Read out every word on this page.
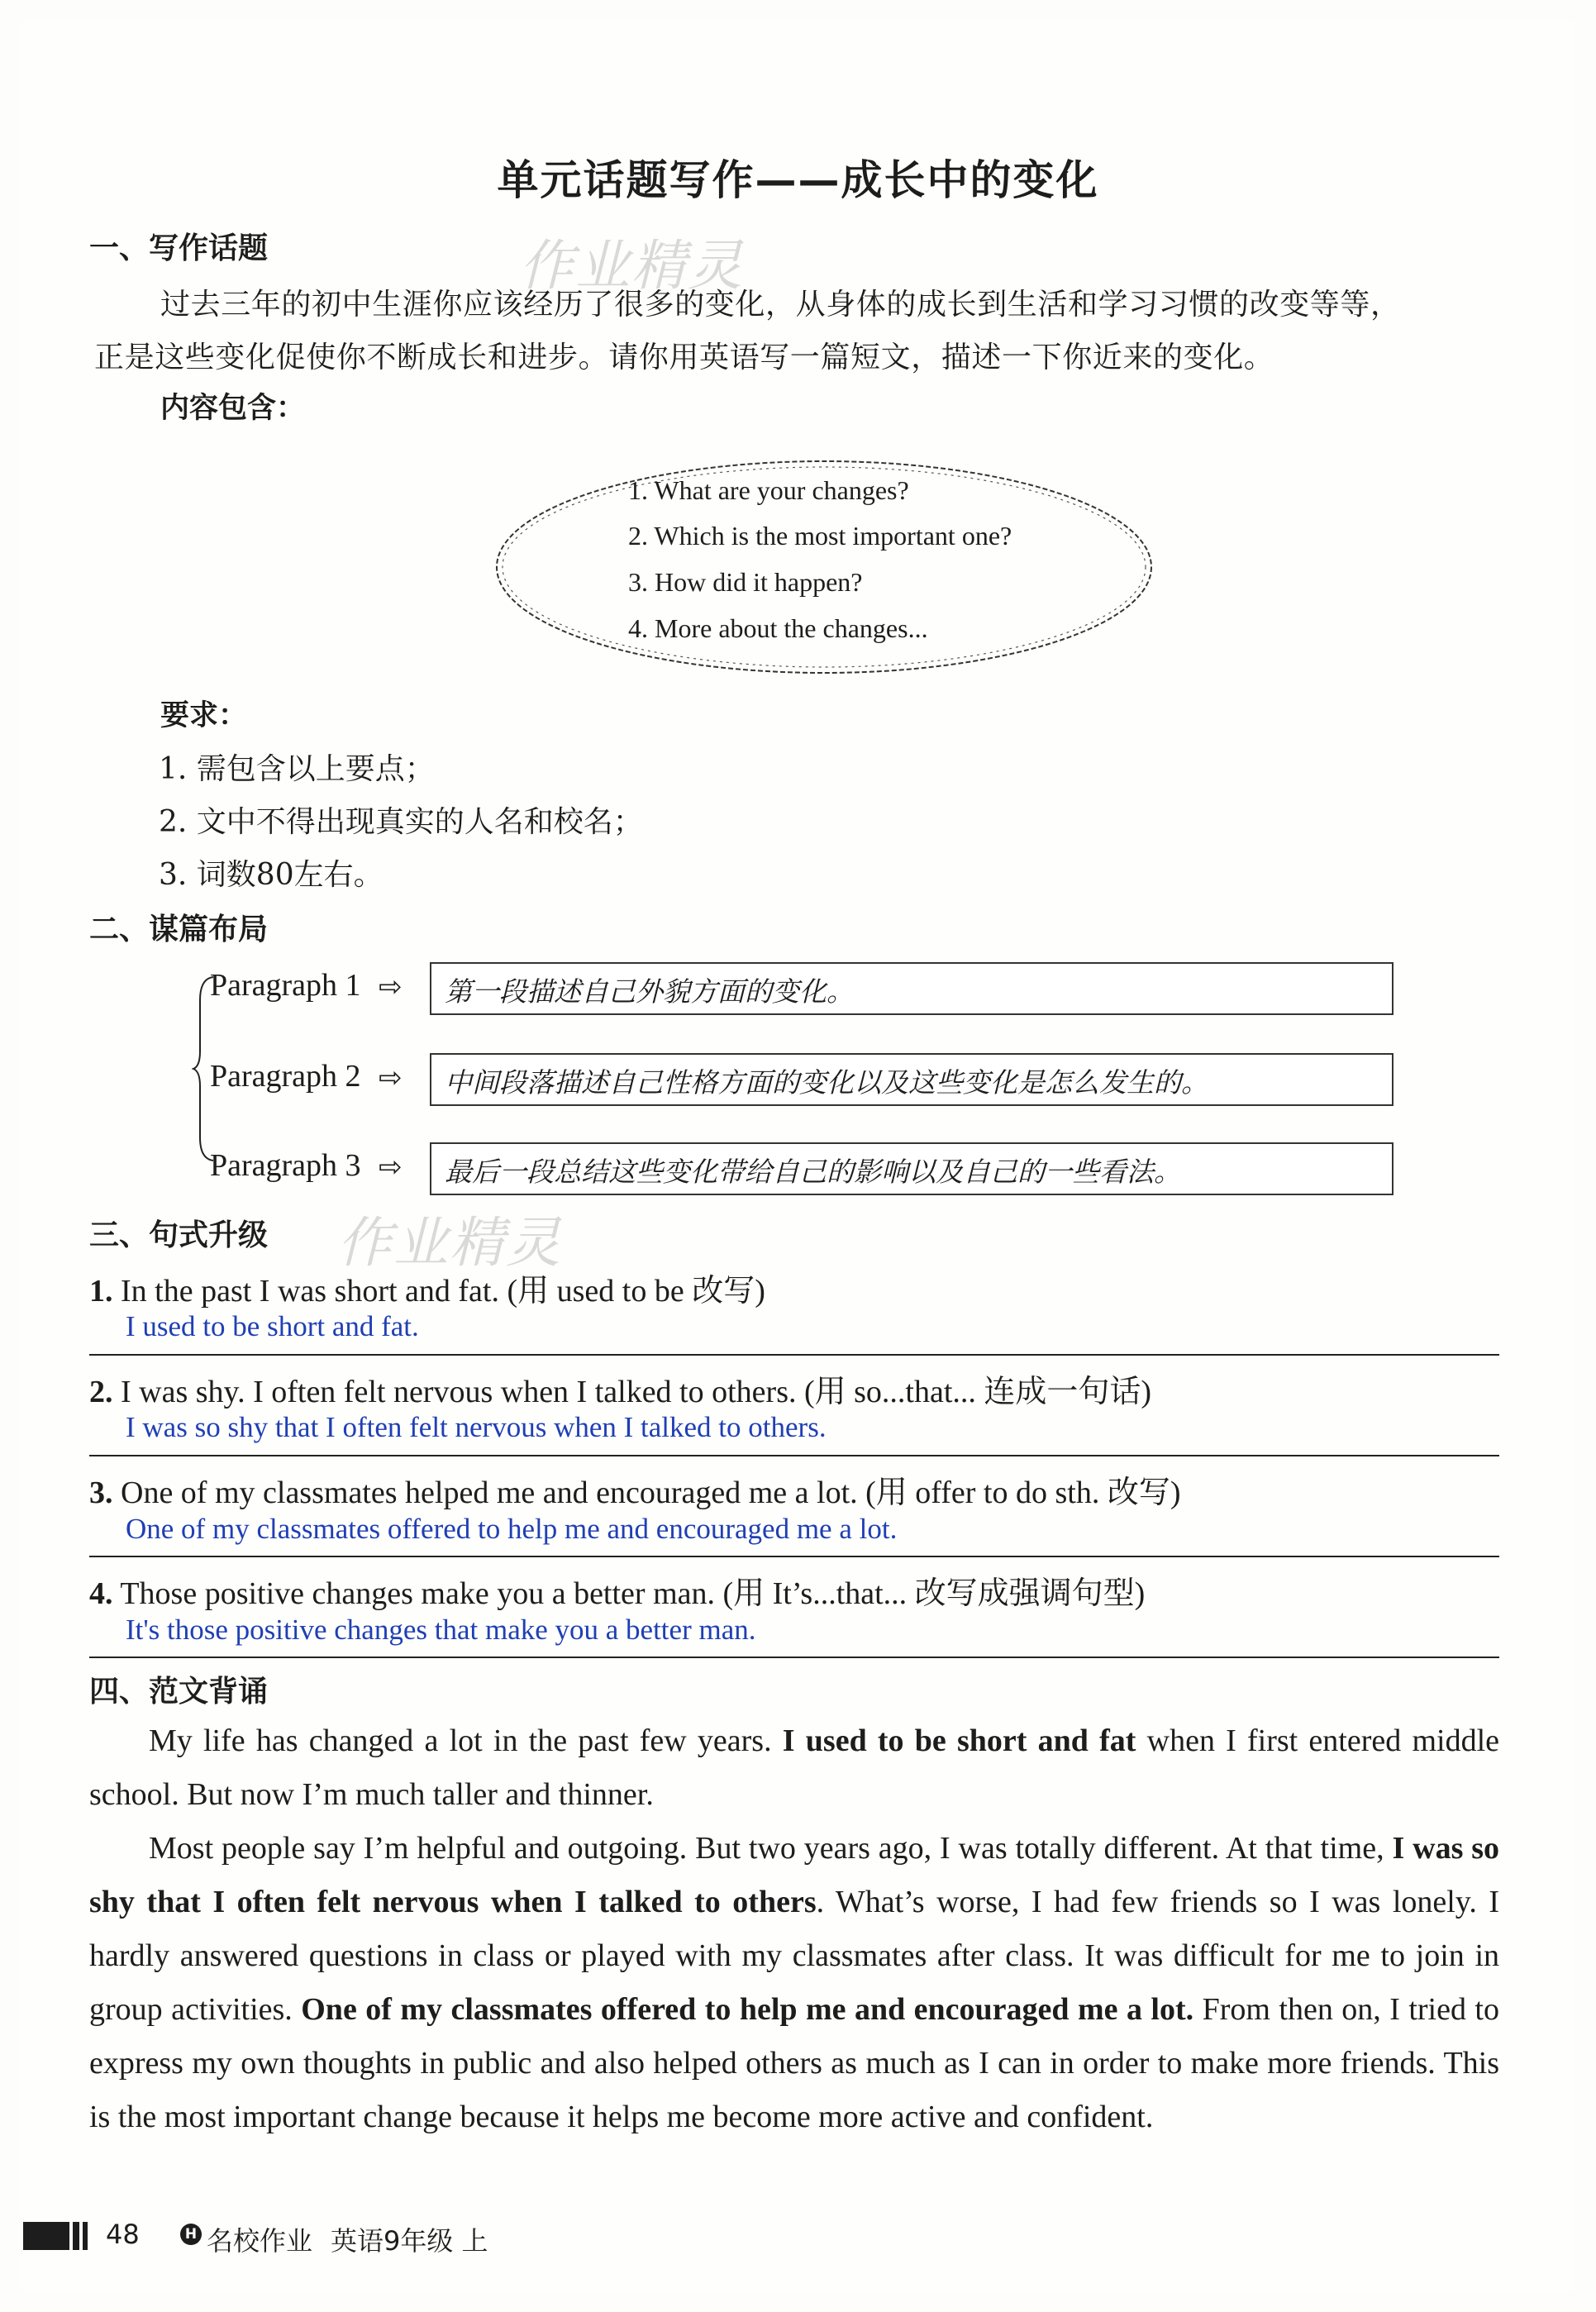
作业精灵
作业精灵
单元话题写作——成长中的变化
一、写作话题
过去三年的初中生涯你应该经历了很多的变化，从身体的成长到生活和学习习惯的改变等等，
正是这些变化促使你不断成长和进步。请你用英语写一篇短文，描述一下你近来的变化。
内容包含：
1. What are your changes?
2. Which is the most important one?
3. How did it happen?
4. More about the changes...
要求：
1. 需包含以上要点；
2. 文中不得出现真实的人名和校名；
3. 词数80左右。
二、谋篇布局
Paragraph 1 ⇨ 第一段描述自己外貌方面的变化。
Paragraph 2 ⇨ 中间段落描述自己性格方面的变化以及这些变化是怎么发生的。
Paragraph 3 ⇨ 最后一段总结这些变化带给自己的影响以及自己的一些看法。
三、句式升级
1. In the past I was short and fat. (用 used to be 改写)
I used to be short and fat.
2. I was shy. I often felt nervous when I talked to others. (用 so...that... 连成一句话)
I was so shy that I often felt nervous when I talked to others.
3. One of my classmates helped me and encouraged me a lot. (用 offer to do sth. 改写)
One of my classmates offered to help me and encouraged me a lot.
4. Those positive changes make you a better man. (用 It’s...that... 改写成强调句型)
It's those positive changes that make you a better man.
四、范文背诵

My life has changed a lot in the past few years. I used to be short and fat when I first entered middle school. But now I’m much taller and thinner.

Most people say I’m helpful and outgoing. But two years ago, I was totally different. At that time, I was so shy that I often felt nervous when I talked to others. What’s worse, I had few friends so I was lonely. I hardly answered questions in class or played with my classmates after class. It was difficult for me to join in group activities. One of my classmates offered to help me and encouraged me a lot. From then on, I tried to express my own thoughts in public and also helped others as much as I can in order to make more friends. This is the most important change because it helps me become more active and confident.

48	H 名校作业 英语9年级 上
